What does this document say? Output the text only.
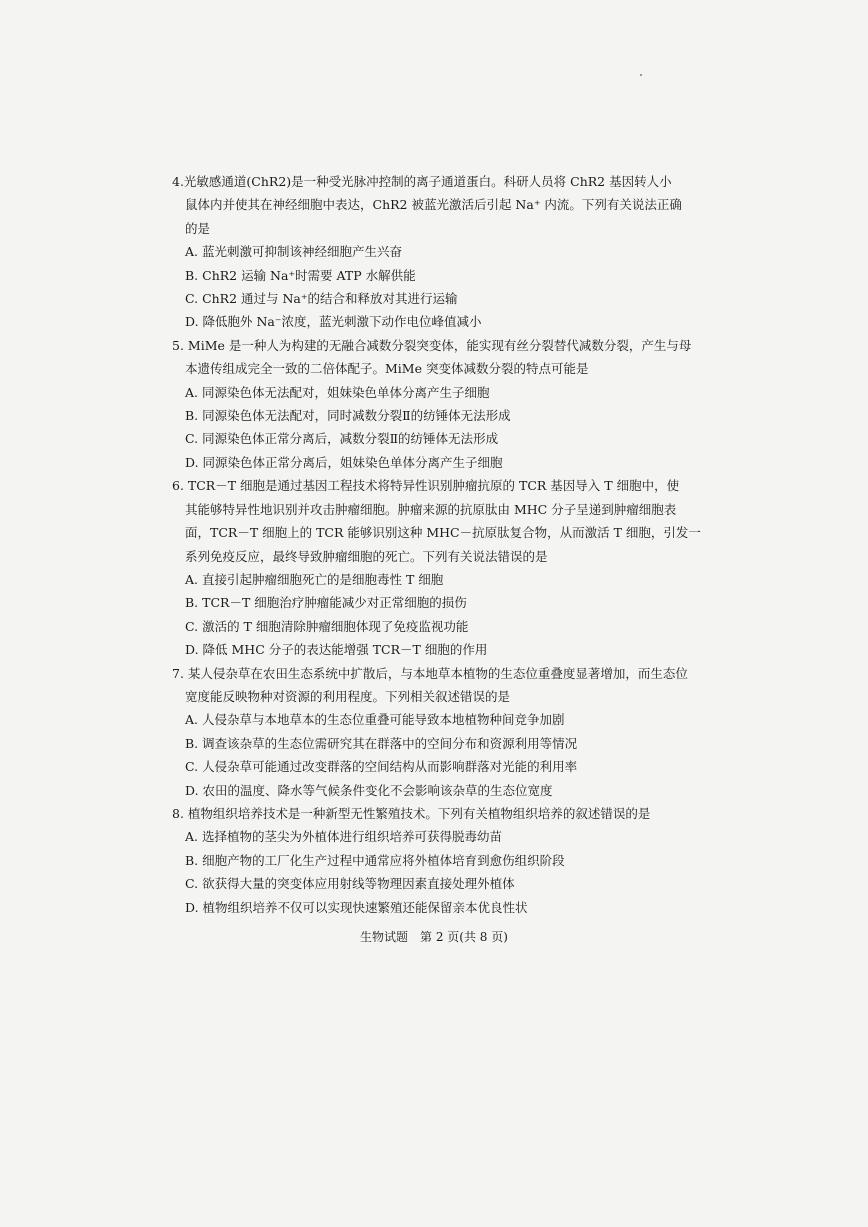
4.光敏感通道(ChR2)是一种受光脉冲控制的离子通道蛋白。科研人员将 ChR2 基因转人小

鼠体内并使其在神经细胞中表达，ChR2 被蓝光激活后引起 Na⁺ 内流。下列有关说法正确

的是

A. 蓝光刺激可抑制该神经细胞产生兴奋

B. ChR2 运输 Na⁺时需要 ATP 水解供能

C. ChR2 通过与 Na⁺的结合和释放对其进行运输

D. 降低胞外 Na⁻浓度，蓝光刺激下动作电位峰值减小

5. MiMe 是一种人为构建的无融合减数分裂突变体，能实现有丝分裂替代减数分裂，产生与母

本遗传组成完全一致的二倍体配子。MiMe 突变体减数分裂的特点可能是

A. 同源染色体无法配对，姐妹染色单体分离产生子细胞

B. 同源染色体无法配对，同时减数分裂Ⅱ的纺锤体无法形成

C. 同源染色体正常分离后，减数分裂Ⅱ的纺锤体无法形成

D. 同源染色体正常分离后，姐妹染色单体分离产生子细胞

6. TCR－T 细胞是通过基因工程技术将特异性识别肿瘤抗原的 TCR 基因导入 T 细胞中，使

其能够特异性地识别并攻击肿瘤细胞。肿瘤来源的抗原肽由 MHC 分子呈递到肿瘤细胞表

面，TCR－T 细胞上的 TCR 能够识别这种 MHC－抗原肽复合物，从而激活 T 细胞，引发一

系列免疫反应，最终导致肿瘤细胞的死亡。下列有关说法错误的是

A. 直接引起肿瘤细胞死亡的是细胞毒性 T 细胞

B. TCR－T 细胞治疗肿瘤能减少对正常细胞的损伤

C. 激活的 T 细胞清除肿瘤细胞体现了免疫监视功能

D. 降低 MHC 分子的表达能增强 TCR－T 细胞的作用

7. 某人侵杂草在农田生态系统中扩散后，与本地草本植物的生态位重叠度显著增加，而生态位

宽度能反映物种对资源的利用程度。下列相关叙述错误的是

A. 人侵杂草与本地草本的生态位重叠可能导致本地植物种间竞争加剧

B. 调查该杂草的生态位需研究其在群落中的空间分布和资源利用等情况

C. 人侵杂草可能通过改变群落的空间结构从而影响群落对光能的利用率

D. 农田的温度、降水等气候条件变化不会影响该杂草的生态位宽度

8. 植物组织培养技术是一种新型无性繁殖技术。下列有关植物组织培养的叙述错误的是

A. 选择植物的茎尖为外植体进行组织培养可获得脱毒幼苗

B. 细胞产物的工厂化生产过程中通常应将外植体培育到愈伤组织阶段

C. 欲获得大量的突变体应用射线等物理因素直接处理外植体

D. 植物组织培养不仅可以实现快速繁殖还能保留亲本优良性状

生物试题　第 2 页(共 8 页)
